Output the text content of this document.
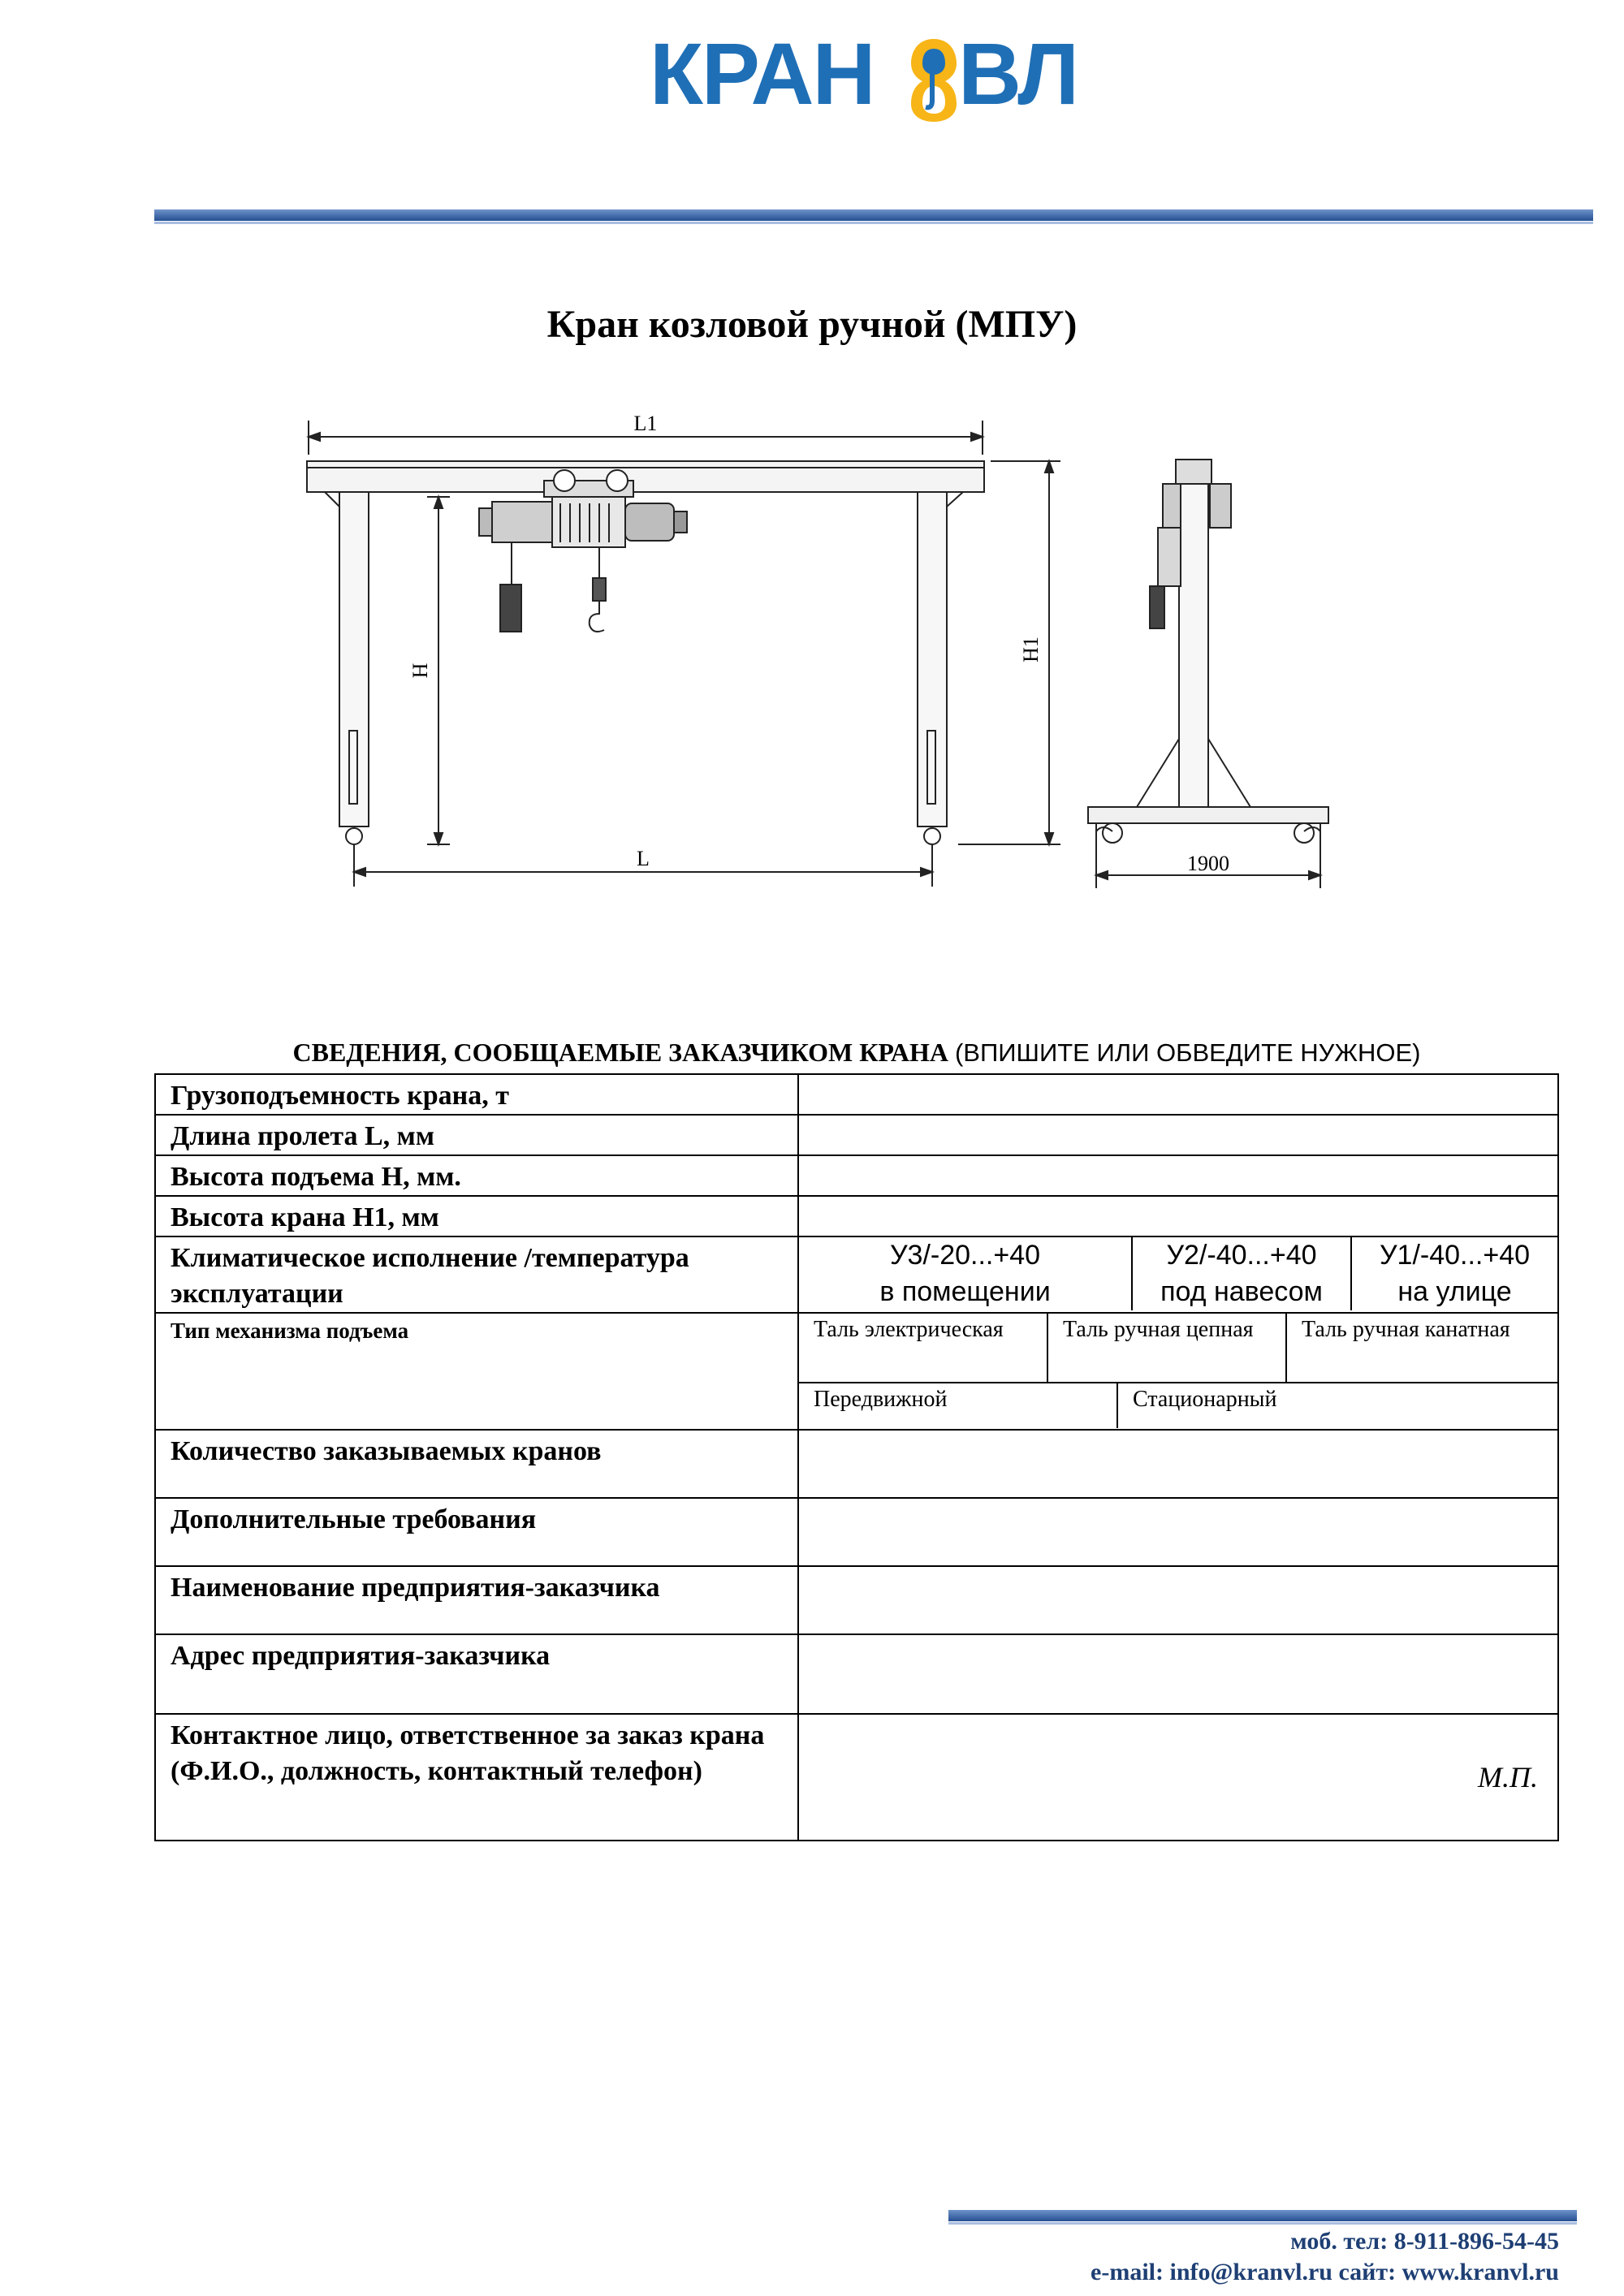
КРАН ВЛ
Кран козловой ручной (МПУ)
L1
H
H1
L	1900
СВЕДЕНИЯ, СООБЩАЕМЫЕ ЗАКАЗЧИКОМ КРАНА (ВПИШИТЕ ИЛИ ОБВЕДИТЕ НУЖНОЕ)
Грузоподъемность крана, т	
Длина пролета L, мм	
Высота подъема H, мм.	
Высота крана H1, мм	
Климатическое исполнение /температура эксплуатации	
У3/-20...+40
в помещении

У2/-40...+40
под навесом

У1/-40...+40
на улице

Тип механизма подъема		Таль электрическая	Таль ручная цепная	Таль ручная канатная
Передвижной	Стационарный

Количество заказываемых кранов	
Дополнительные требования	
Наименование предприятия-заказчика	
Адрес предприятия-заказчика	
Контактное лицо, ответственное за заказ крана (Ф.И.О., должность, контактный телефон)	М.П.
моб. тел: 8-911-896-54-45
e-mail: info@kranvl.ru сайт: www.kranvl.ru
